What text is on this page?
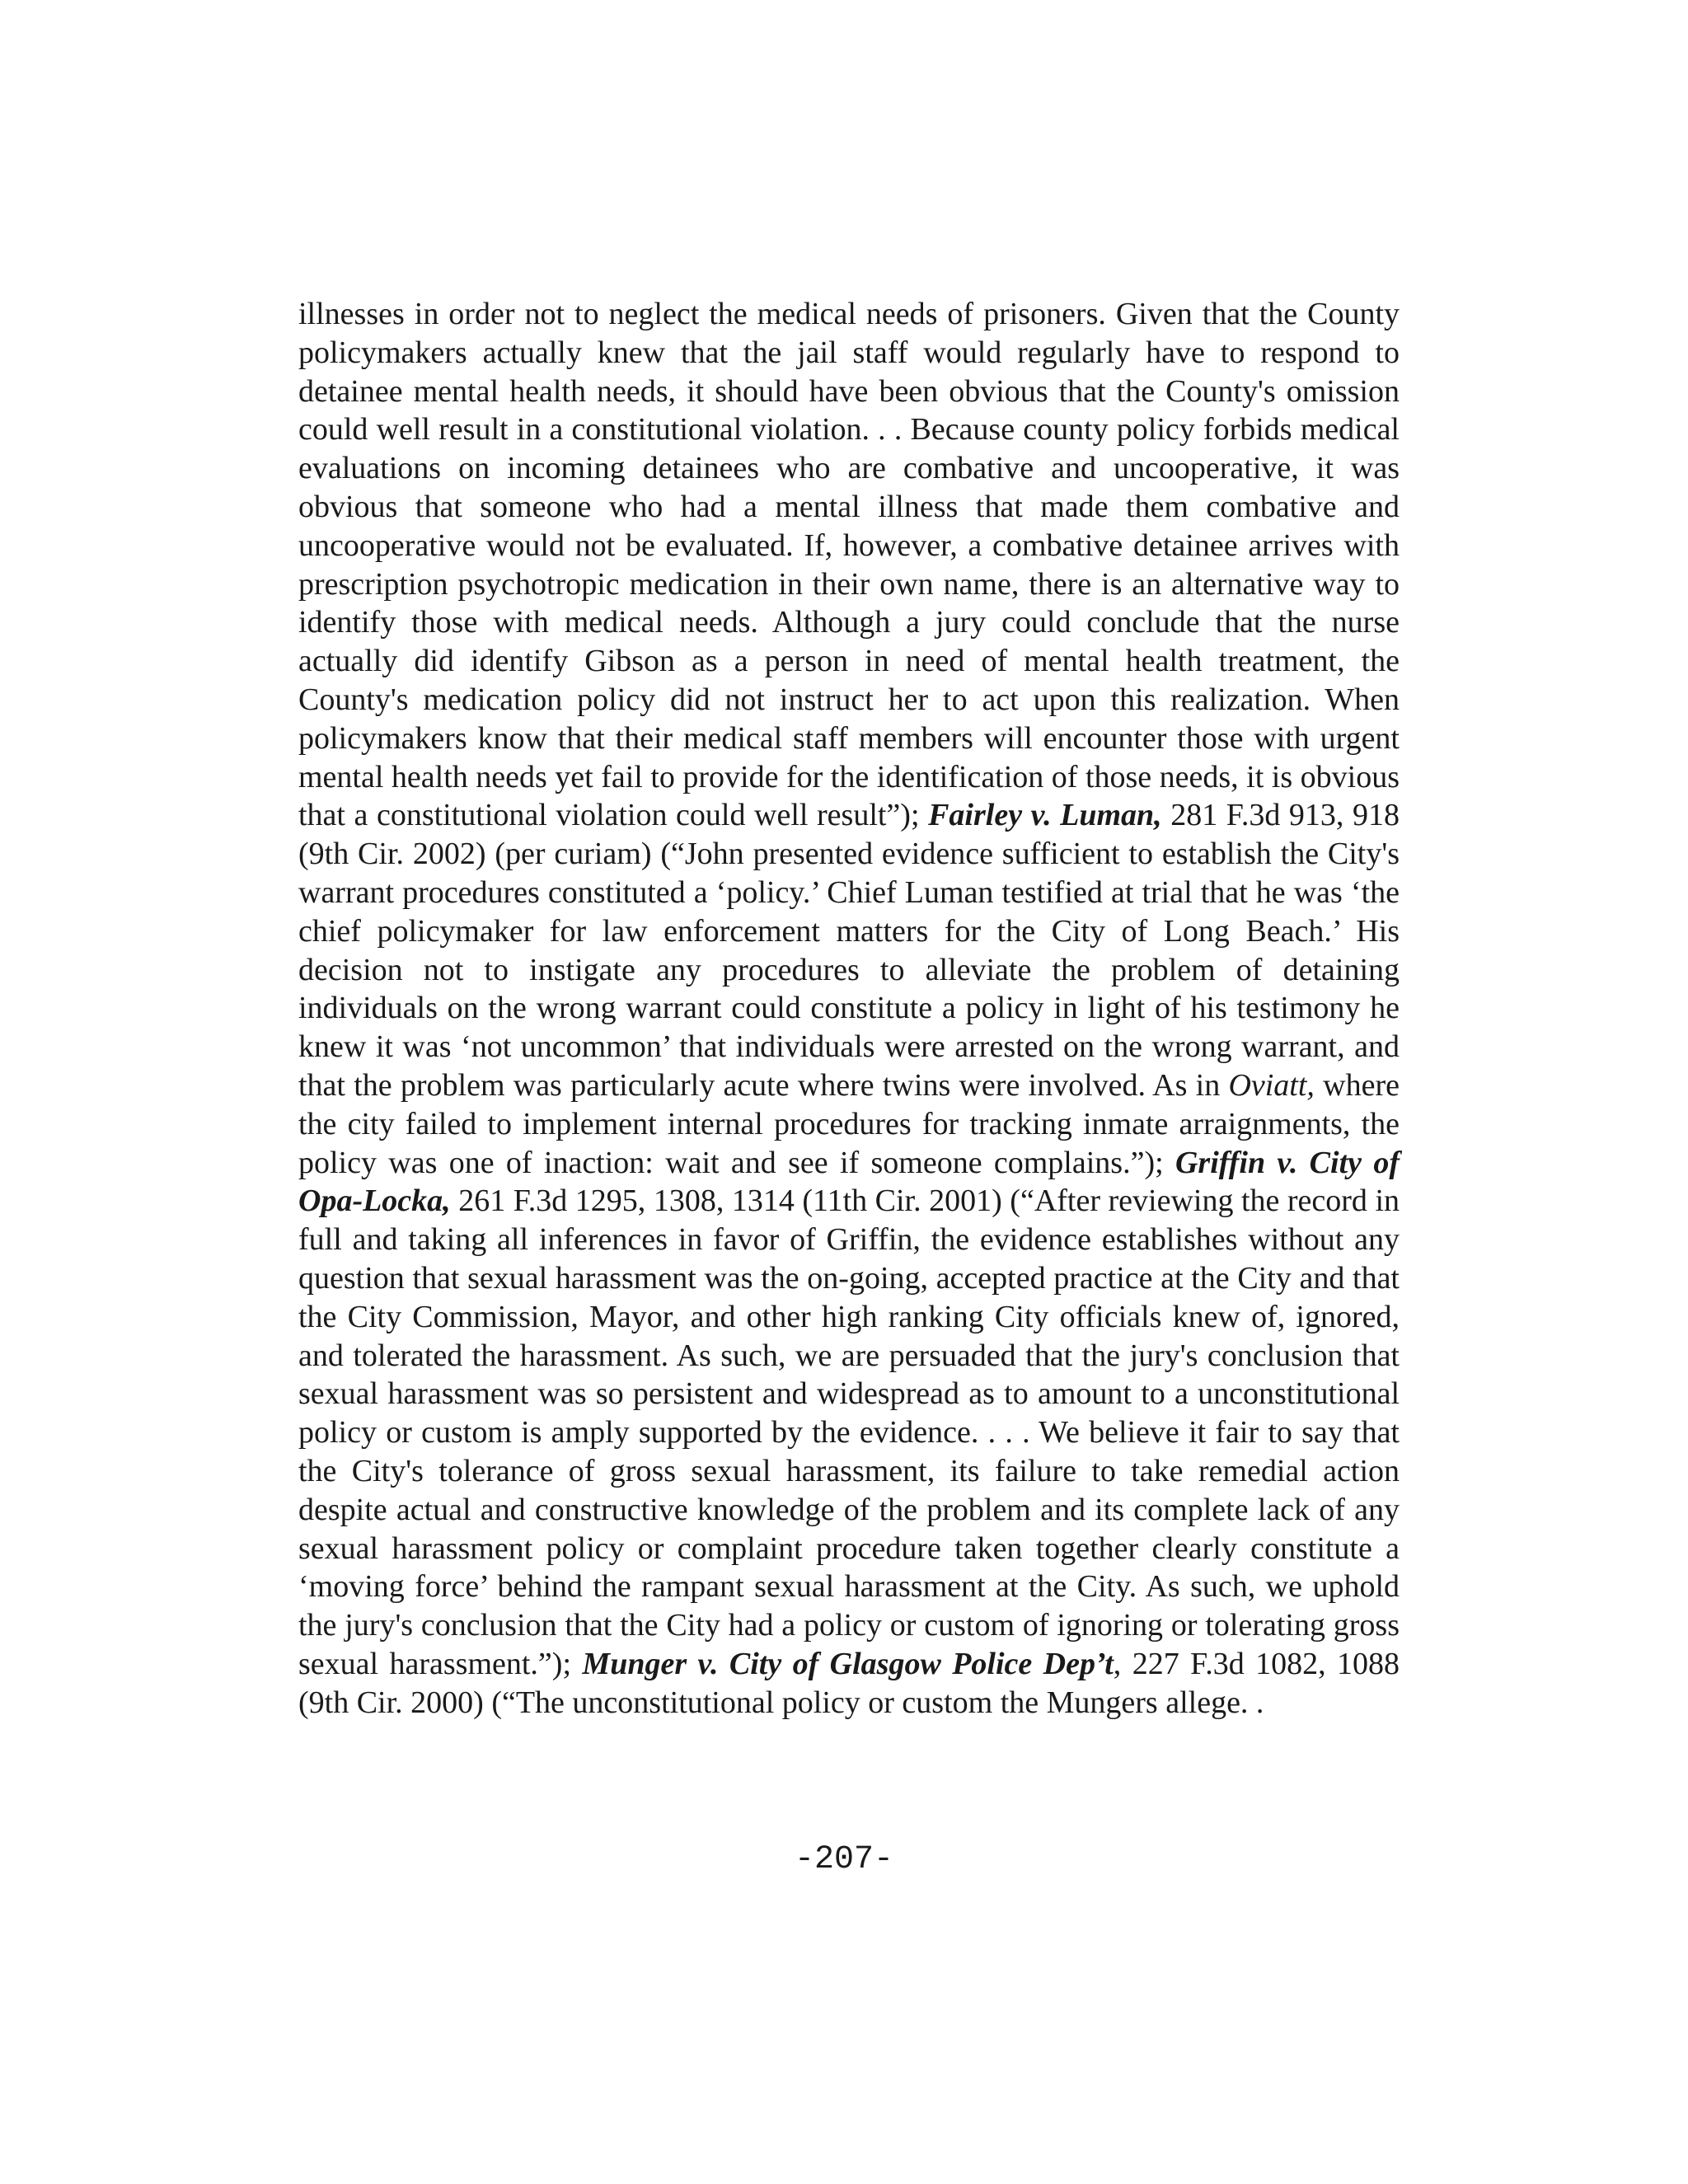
illnesses in order not to neglect the medical needs of prisoners. Given that the County policymakers actually knew that the jail staff would regularly have to respond to detainee mental health needs, it should have been obvious that the County's omission could well result in a constitutional violation. . . Because county policy forbids medical evaluations on incoming detainees who are combative and uncooperative, it was obvious that someone who had a mental illness that made them combative and uncooperative would not be evaluated. If, however, a combative detainee arrives with prescription psychotropic medication in their own name, there is an alternative way to identify those with medical needs. Although a jury could conclude that the nurse actually did identify Gibson as a person in need of mental health treatment, the County's medication policy did not instruct her to act upon this realization. When policymakers know that their medical staff members will encounter those with urgent mental health needs yet fail to provide for the identification of those needs, it is obvious that a constitutional violation could well result”); Fairley v. Luman, 281 F.3d 913, 918 (9th Cir. 2002) (per curiam) (“John presented evidence sufficient to establish the City's warrant procedures constituted a ‘policy.’ Chief Luman testified at trial that he was ‘the chief policymaker for law enforcement matters for the City of Long Beach.’ His decision not to instigate any procedures to alleviate the problem of detaining individuals on the wrong warrant could constitute a policy in light of his testimony he knew it was ‘not uncommon’ that individuals were arrested on the wrong warrant, and that the problem was particularly acute where twins were involved. As in Oviatt, where the city failed to implement internal procedures for tracking inmate arraignments, the policy was one of inaction: wait and see if someone complains.”); Griffin v. City of Opa-Locka, 261 F.3d 1295, 1308, 1314 (11th Cir. 2001) (“After reviewing the record in full and taking all inferences in favor of Griffin, the evidence establishes without any question that sexual harassment was the on-going, accepted practice at the City and that the City Commission, Mayor, and other high ranking City officials knew of, ignored, and tolerated the harassment. As such, we are persuaded that the jury's conclusion that sexual harassment was so persistent and widespread as to amount to a unconstitutional policy or custom is amply supported by the evidence. . . . We believe it fair to say that the City's tolerance of gross sexual harassment, its failure to take remedial action despite actual and constructive knowledge of the problem and its complete lack of any sexual harassment policy or complaint procedure taken together clearly constitute a ‘moving force’ behind the rampant sexual harassment at the City. As such, we uphold the jury's conclusion that the City had a policy or custom of ignoring or tolerating gross sexual harassment.”); Munger v. City of Glasgow Police Dep’t, 227 F.3d 1082, 1088 (9th Cir. 2000) (“The unconstitutional policy or custom the Mungers allege. .

-207-
